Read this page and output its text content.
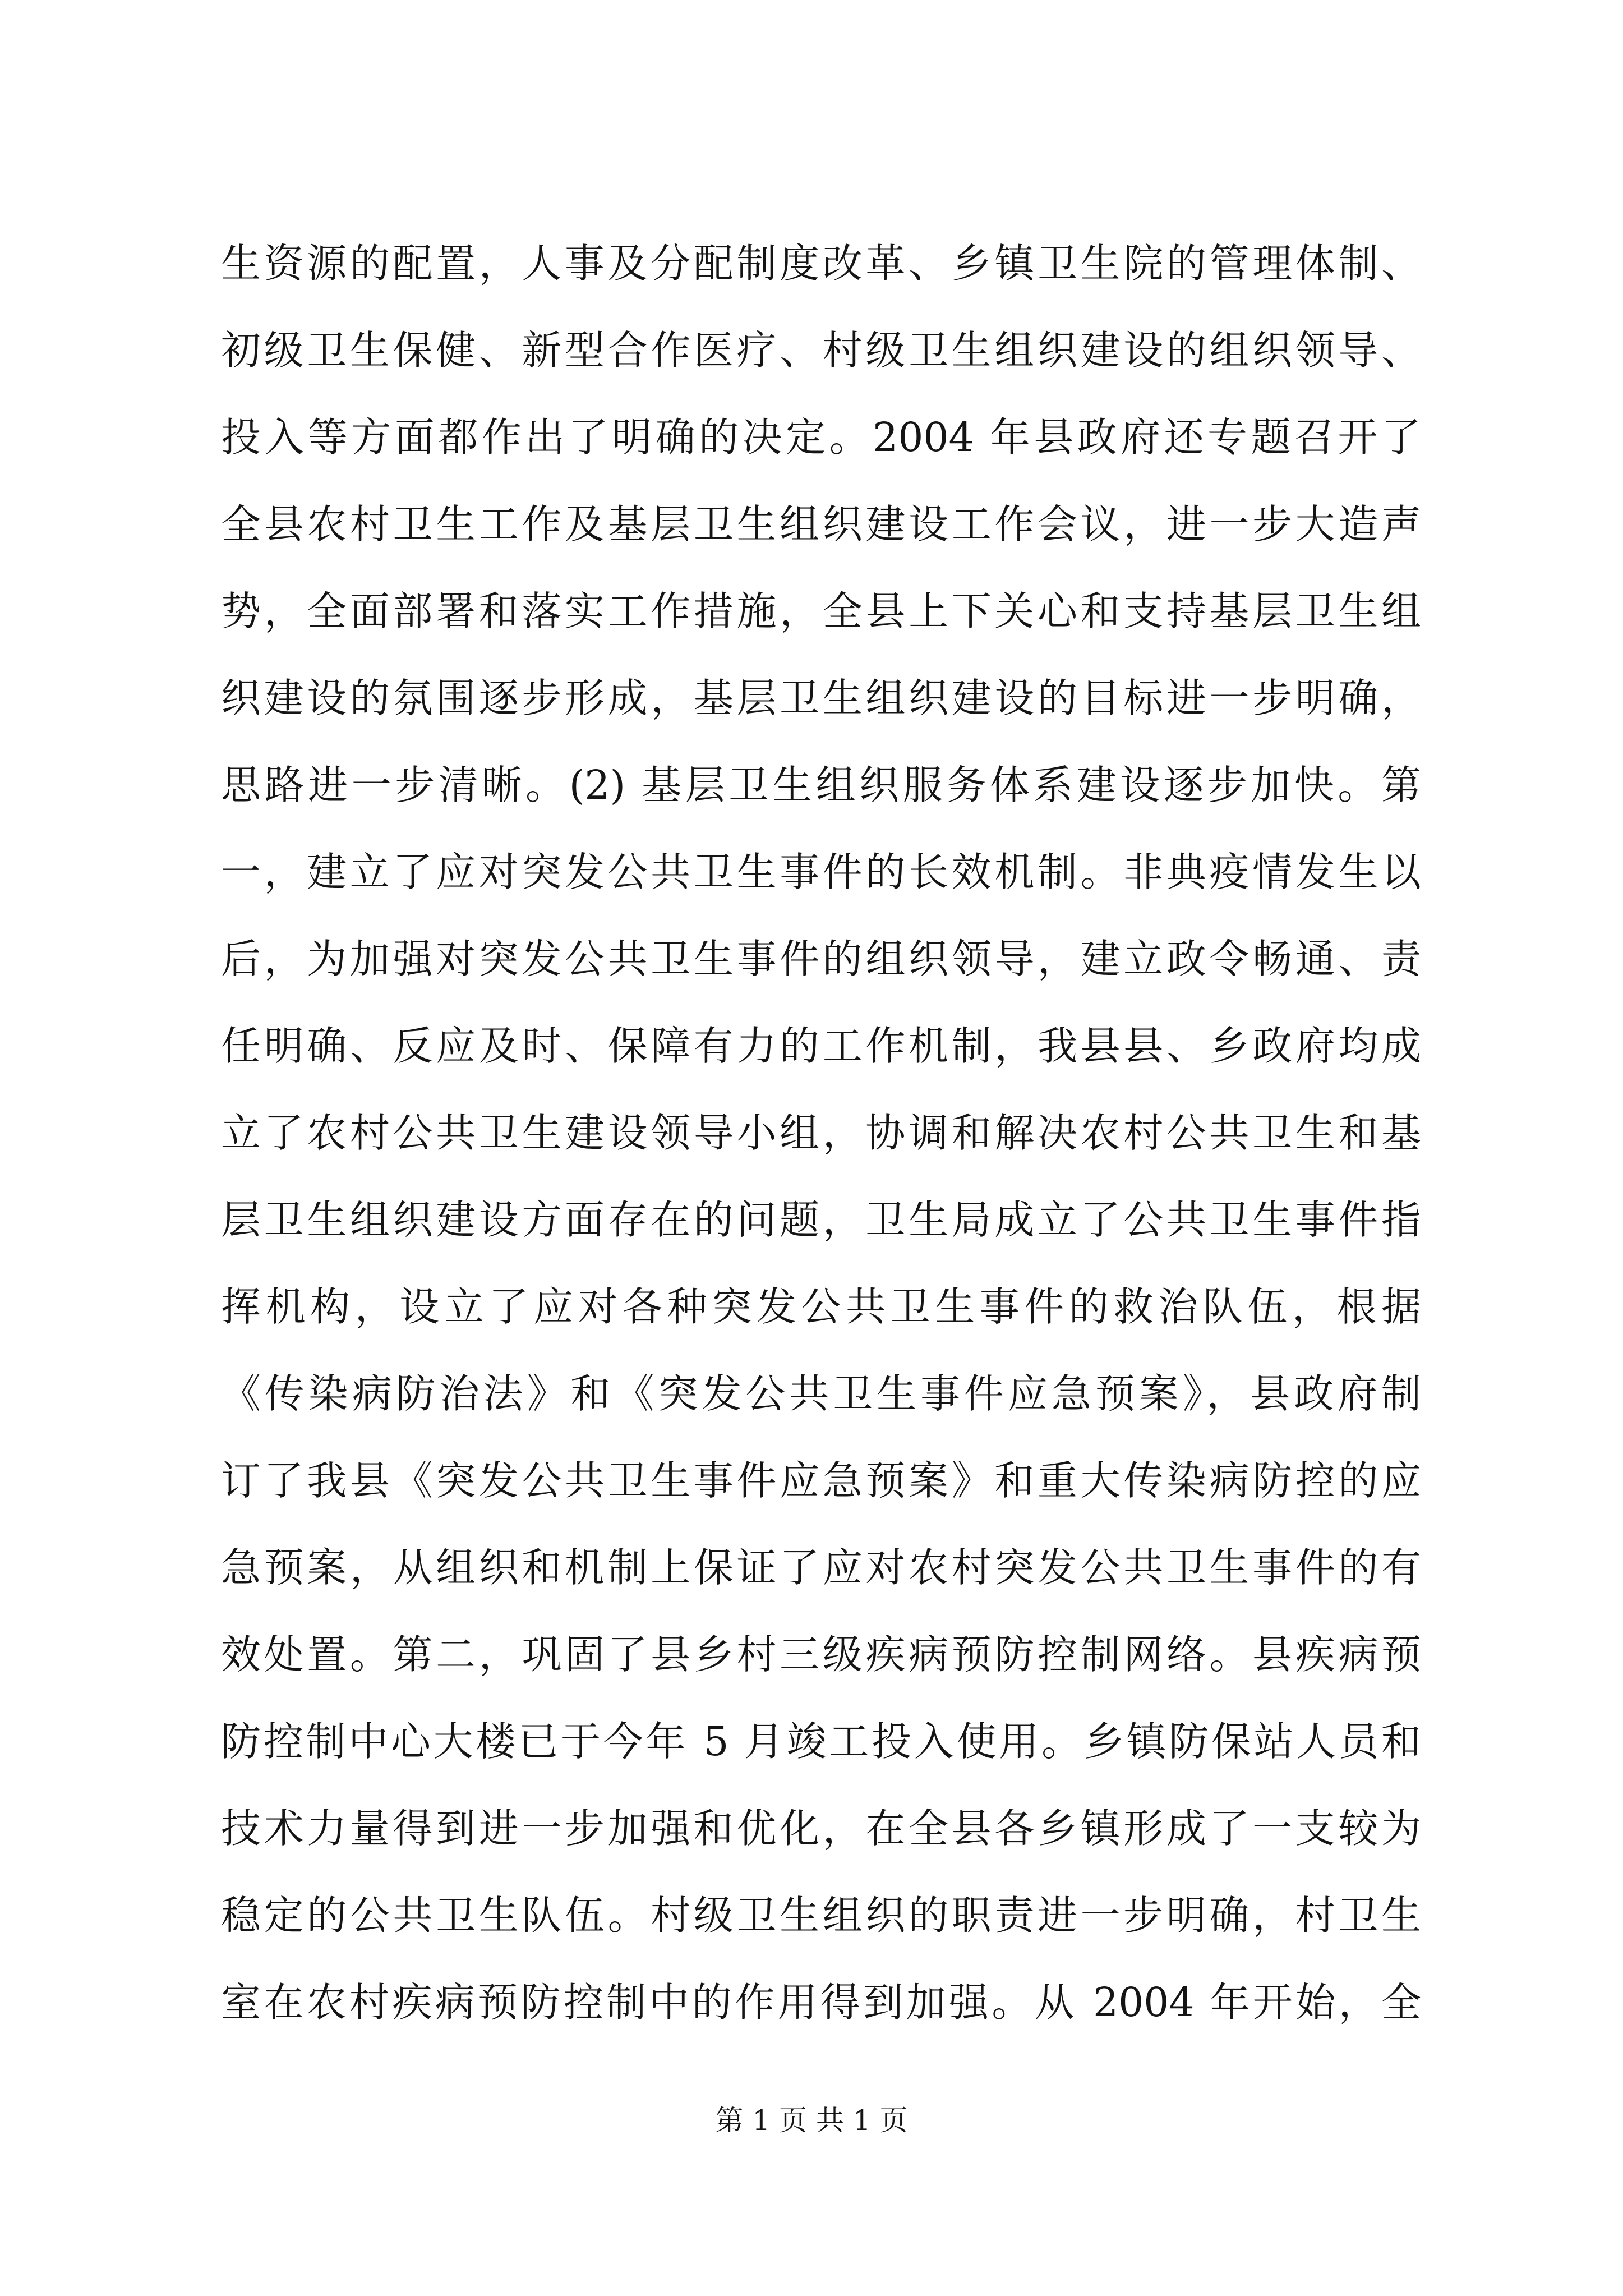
生资源的配置，人事及分配制度改革、乡镇卫生院的管理体制、
初级卫生保健、新型合作医疗、村级卫生组织建设的组织领导、
投入等方面都作出了明确的决定。2004 年县政府还专题召开了
全县农村卫生工作及基层卫生组织建设工作会议，进一步大造声
势，全面部署和落实工作措施，全县上下关心和支持基层卫生组
织建设的氛围逐步形成，基层卫生组织建设的目标进一步明确，
思路进一步清晰。(2) 基层卫生组织服务体系建设逐步加快。第
一，建立了应对突发公共卫生事件的长效机制。非典疫情发生以
后，为加强对突发公共卫生事件的组织领导，建立政令畅通、责
任明确、反应及时、保障有力的工作机制，我县县、乡政府均成
立了农村公共卫生建设领导小组，协调和解决农村公共卫生和基
层卫生组织建设方面存在的问题，卫生局成立了公共卫生事件指
挥机构，设立了应对各种突发公共卫生事件的救治队伍，根据
《传染病防治法》和《突发公共卫生事件应急预案》，县政府制
订了我县《突发公共卫生事件应急预案》和重大传染病防控的应
急预案，从组织和机制上保证了应对农村突发公共卫生事件的有
效处置。第二，巩固了县乡村三级疾病预防控制网络。县疾病预
防控制中心大楼已于今年 5 月竣工投入使用。乡镇防保站人员和
技术力量得到进一步加强和优化，在全县各乡镇形成了一支较为
稳定的公共卫生队伍。村级卫生组织的职责进一步明确，村卫生
室在农村疾病预防控制中的作用得到加强。从 2004 年开始，全
第 1 页 共 1 页
